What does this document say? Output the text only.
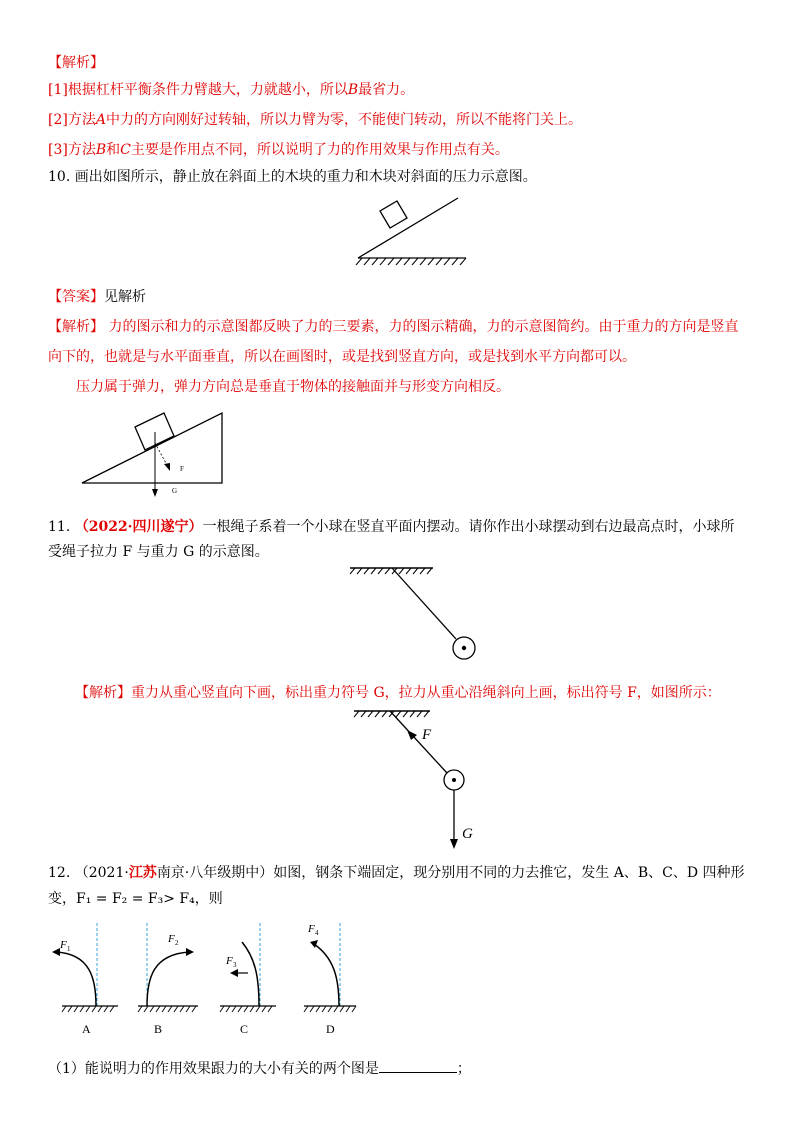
【解析】
[1]根据杠杆平衡条件力臂越大，力就越小，所以B最省力。
[2]方法A中力的方向刚好过转轴，所以力臂为零，不能使门转动，所以不能将门关上。
[3]方法B和C主要是作用点不同，所以说明了力的作用效果与作用点有关。
10. 画出如图所示，静止放在斜面上的木块的重力和木块对斜面的压力示意图。
【答案】见解析
【解析】 力的图示和力的示意图都反映了力的三要素，力的图示精确，力的示意图简约。由于重力的方向是竖直
向下的，也就是与水平面垂直，所以在画图时，或是找到竖直方向，或是找到水平方向都可以。
压力属于弹力，弹力方向总是垂直于物体的接触面并与形变方向相反。
F
G
11. （2022·四川遂宁）一根绳子系着一个小球在竖直平面内摆动。请你作出小球摆动到右边最高点时，小球所
受绳子拉力 F 与重力 G 的示意图。
【解析】重力从重心竖直向下画，标出重力符号 G，拉力从重心沿绳斜向上画，标出符号 F，如图所示：
F
G
12. （2021·江苏南京·八年级期中）如图，钢条下端固定，现分别用不同的力去推它，发生 A、B、C、D 四种形
变，F₁ = F₂ = F₃> F₄，则
F 1
A
F 2
B
F 3
C
F 4
D
（1）能说明力的作用效果跟力的大小有关的两个图是	；
